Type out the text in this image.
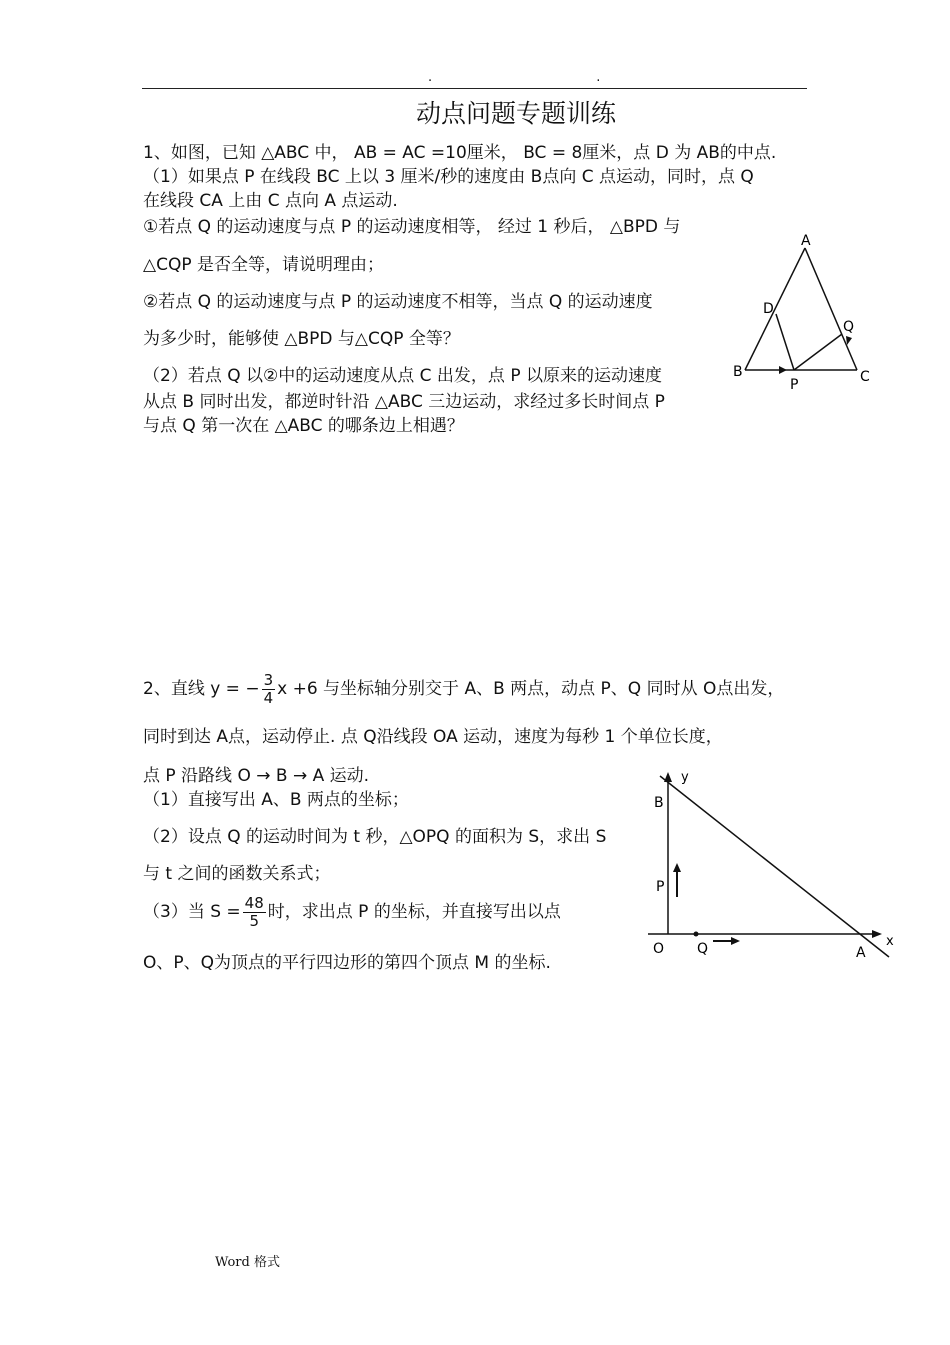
. .
动点问题专题训练
1、如图，已知 △ABC 中， AB = AC =10厘米， BC = 8厘米，点 D 为 AB的中点.
（1）如果点 P 在线段 BC 上以 3 厘米/秒的速度由 B点向 C 点运动，同时，点 Q
在线段 CA 上由 C 点向 A 点运动.
①若点 Q 的运动速度与点 P 的运动速度相等， 经过 1 秒后， △BPD 与
△CQP 是否全等，请说明理由；
②若点 Q 的运动速度与点 P 的运动速度不相等，当点 Q 的运动速度
为多少时，能够使 △BPD 与△CQP 全等？
（2）若点 Q 以②中的运动速度从点 C 出发，点 P 以原来的运动速度
从点 B 同时出发，都逆时针沿 △ABC 三边运动，求经过多长时间点 P
与点 Q 第一次在 △ABC 的哪条边上相遇？
A
B	C
D
P
Q
2、直线 y = − $\frac{3}{4}$ x +6 与坐标轴分别交于 A、B 两点，动点 P、Q 同时从 O点出发，
同时到达 A点，运动停止. 点 Q沿线段 OA 运动，速度为每秒 1 个单位长度，
点 P 沿路线 O → B → A 运动.
（1）直接写出 A、B 两点的坐标；
（2）设点 Q 的运动时间为 t 秒，△OPQ 的面积为 S，求出 S
与 t 之间的函数关系式；
（3）当 $S = \frac{48}{5}$ 时，求出点 P 的坐标，并直接写出以点
O、P、Q为顶点的平行四边形的第四个顶点 M 的坐标.
y
x
B
P
O Q	A
Word 格式
